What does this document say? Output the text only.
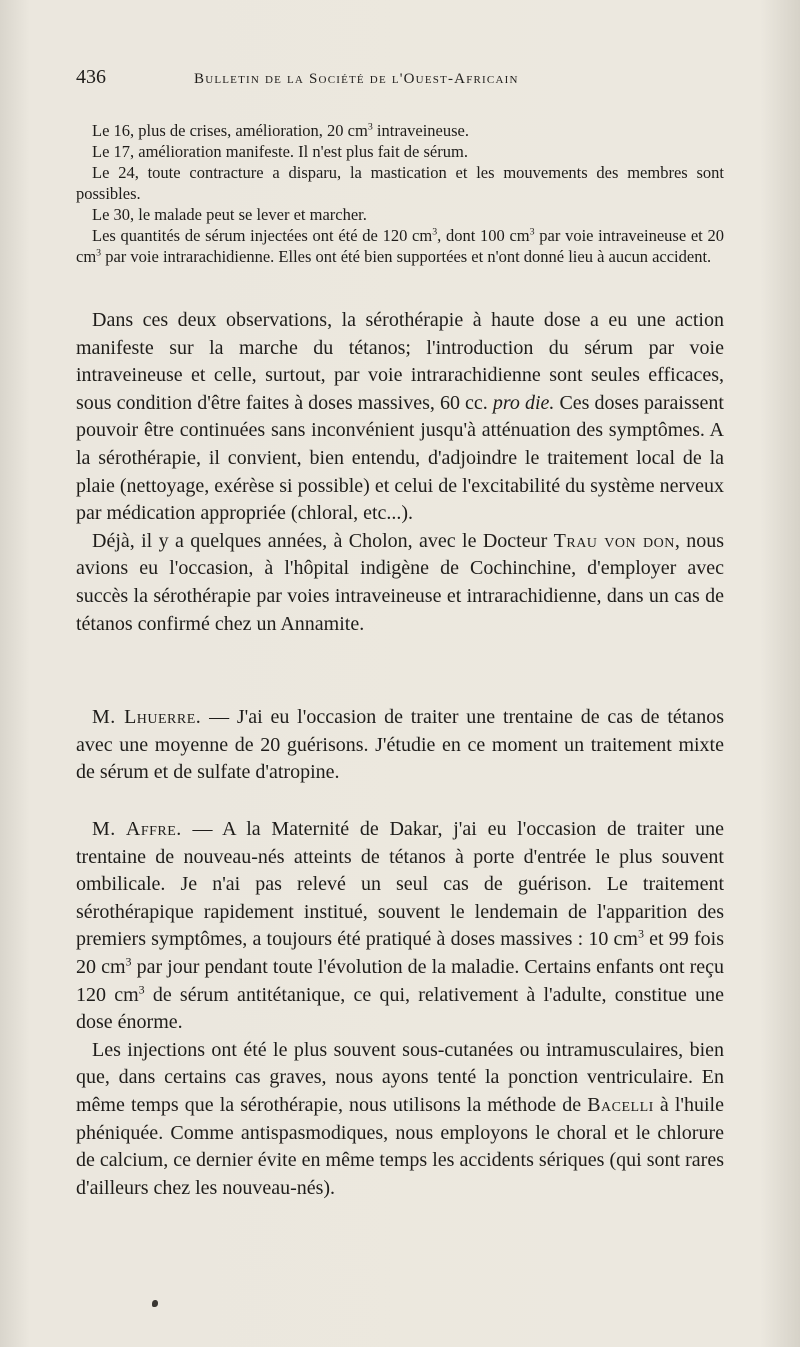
436	Bulletin de la Société de l'Ouest-Africain

Le 16, plus de crises, amélioration, 20 $cm^3$ intraveineuse.

Le 17, amélioration manifeste. Il n'est plus fait de sérum.

Le 24, toute contracture a disparu, la mastication et les mouvements des membres sont possibles.

Le 30, le malade peut se lever et marcher.

Les quantités de sérum injectées ont été de 120 $cm^3$, dont 100 $cm^3$ par voie intraveineuse et 20 $cm^3$ par voie intrarachidienne. Elles ont été bien supportées et n'ont donné lieu à aucun accident.

Dans ces deux observations, la sérothérapie à haute dose a eu une action manifeste sur la marche du tétanos; l'introduction du sérum par voie intraveineuse et celle, surtout, par voie intrarachidienne sont seules efficaces, sous condition d'être faites à doses massives, 60 cc. pro die. Ces doses paraissent pouvoir être continuées sans inconvénient jusqu'à atténuation des symptômes. A la sérothérapie, il convient, bien entendu, d'adjoindre le traitement local de la plaie (nettoyage, exérèse si possible) et celui de l'excitabilité du système nerveux par médication appropriée (chloral, etc...).

Déjà, il y a quelques années, à Cholon, avec le Docteur Trau von don, nous avions eu l'occasion, à l'hôpital indigène de Cochinchine, d'employer avec succès la sérothérapie par voies intraveineuse et intrarachidienne, dans un cas de tétanos confirmé chez un Annamite.

M. Lhuerre. — J'ai eu l'occasion de traiter une trentaine de cas de tétanos avec une moyenne de 20 guérisons. J'étudie en ce moment un traitement mixte de sérum et de sulfate d'atropine.

M. Affre. — A la Maternité de Dakar, j'ai eu l'occasion de traiter une trentaine de nouveau-nés atteints de tétanos à porte d'entrée le plus souvent ombilicale. Je n'ai pas relevé un seul cas de guérison. Le traitement sérothérapique rapidement institué, souvent le lendemain de l'apparition des premiers symptômes, a toujours été pratiqué à doses massives : 10 $cm^3$ et 99 fois 20 $cm^3$ par jour pendant toute l'évolution de la maladie. Certains enfants ont reçu 120 $cm^3$ de sérum antitétanique, ce qui, relativement à l'adulte, constitue une dose énorme.

Les injections ont été le plus souvent sous-cutanées ou intramusculaires, bien que, dans certains cas graves, nous ayons tenté la ponction ventriculaire. En même temps que la sérothérapie, nous utilisons la méthode de Bacelli à l'huile phéniquée. Comme antispasmodiques, nous employons le choral et le chlorure de calcium, ce dernier évite en même temps les accidents sériques (qui sont rares d'ailleurs chez les nouveau-nés).
